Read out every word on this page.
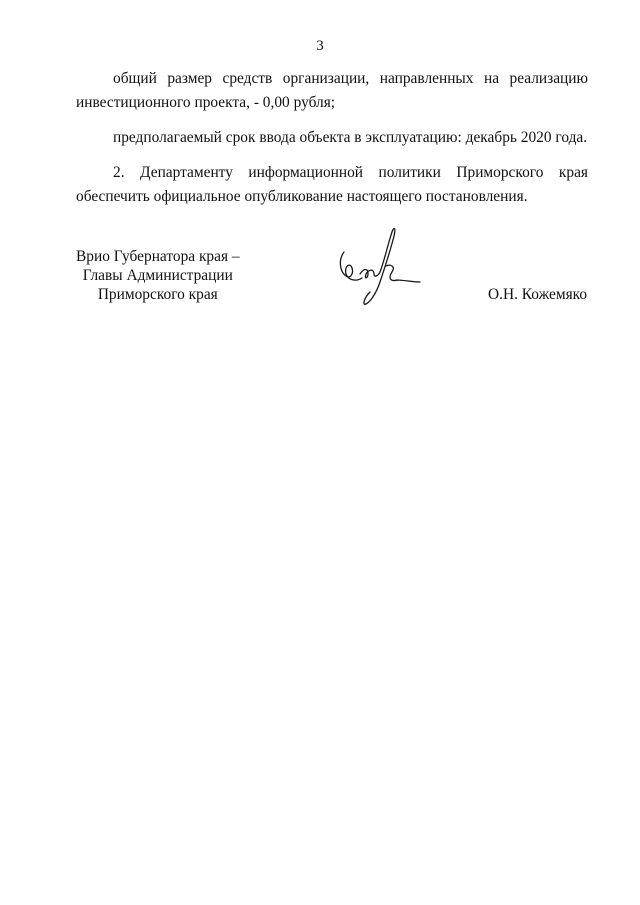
3

общий размер средств организации, направленных на реализацию инвестиционного проекта, - 0,00 рубля;

предполагаемый срок ввода объекта в эксплуатацию: декабрь 2020 года.

2. Департаменту информационной политики Приморского края обеспечить официальное опубликование настоящего постановления.

Врио Губернатора края –
Главы Администрации
Приморского края	О.Н. Кожемяко
